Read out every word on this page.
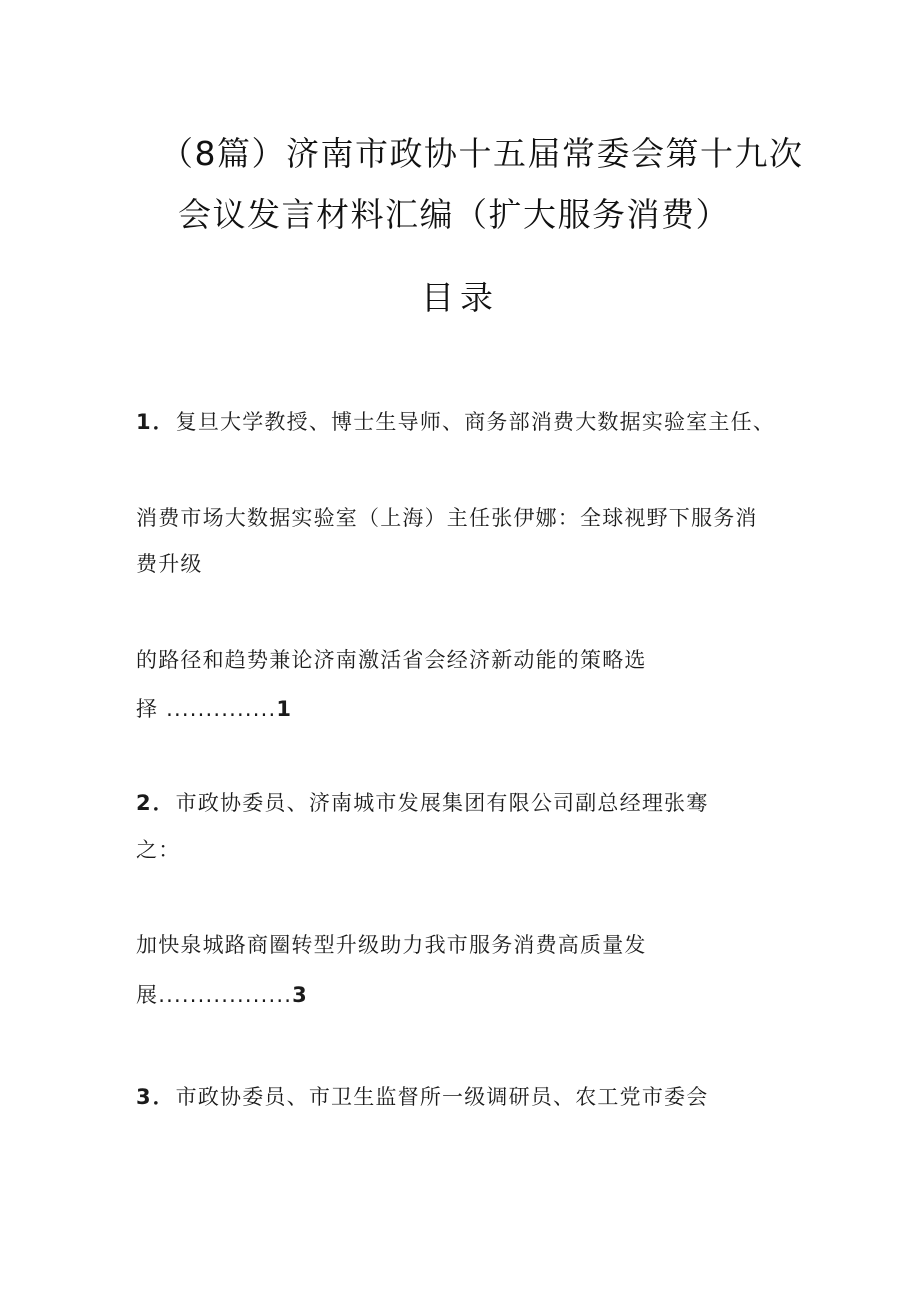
（8篇）济南市政协十五届常委会第十九次
会议发言材料汇编（扩大服务消费）
目录
1．复旦大学教授、博士生导师、商务部消费大数据实验室主任、
消费市场大数据实验室（上海）主任张伊娜：全球视野下服务消
费升级
的路径和趋势兼论济南激活省会经济新动能的策略选
择 ..............1
2．市政协委员、济南城市发展集团有限公司副总经理张骞
之：
加快泉城路商圈转型升级助力我市服务消费高质量发
展.................3
3．市政协委员、市卫生监督所一级调研员、农工党市委会
